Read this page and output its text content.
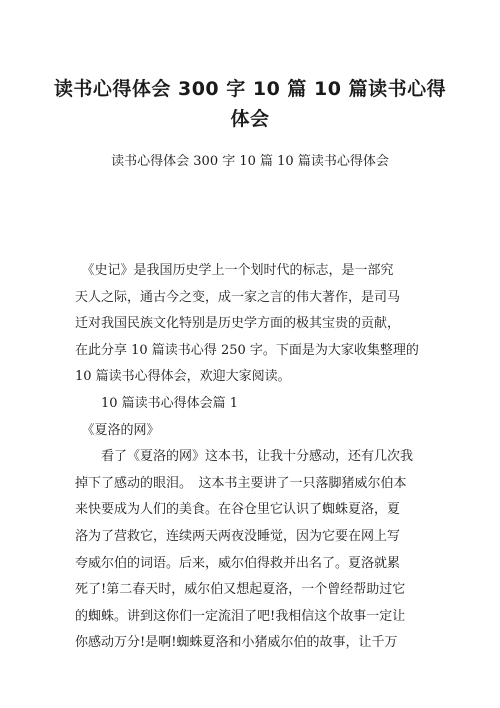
读书心得体会 300 字 10 篇 10 篇读书心得
体会
读书心得体会 300 字 10 篇 10 篇读书心得体会

　《史记》是我国历史学上一个划时代的标志，是一部究

天人之际，通古今之变，成一家之言的伟大著作，是司马

迁对我国民族文化特别是历史学方面的极其宝贵的贡献，

在此分享 10 篇读书心得 250 字。下面是为大家收集整理的

10 篇读书心得体会，欢迎大家阅读。

　　10 篇读书心得体会篇 1

　《夏洛的网》

　　看了《夏洛的网》这本书，让我十分感动，还有几次我

掉下了感动的眼泪。　这本书主要讲了一只落脚猪威尔伯本

来快要成为人们的美食。在谷仓里它认识了蜘蛛夏洛，夏

洛为了营救它，连续两天两夜没睡觉，因为它要在网上写

夸威尔伯的词语。后来，威尔伯得救并出名了。夏洛就累

死了!第二春天时，威尔伯又想起夏洛，一个曾经帮助过它

的蜘蛛。讲到这你们一定流泪了吧!我相信这个故事一定让

你感动万分!是啊!蜘蛛夏洛和小猪威尔伯的故事，让千万
